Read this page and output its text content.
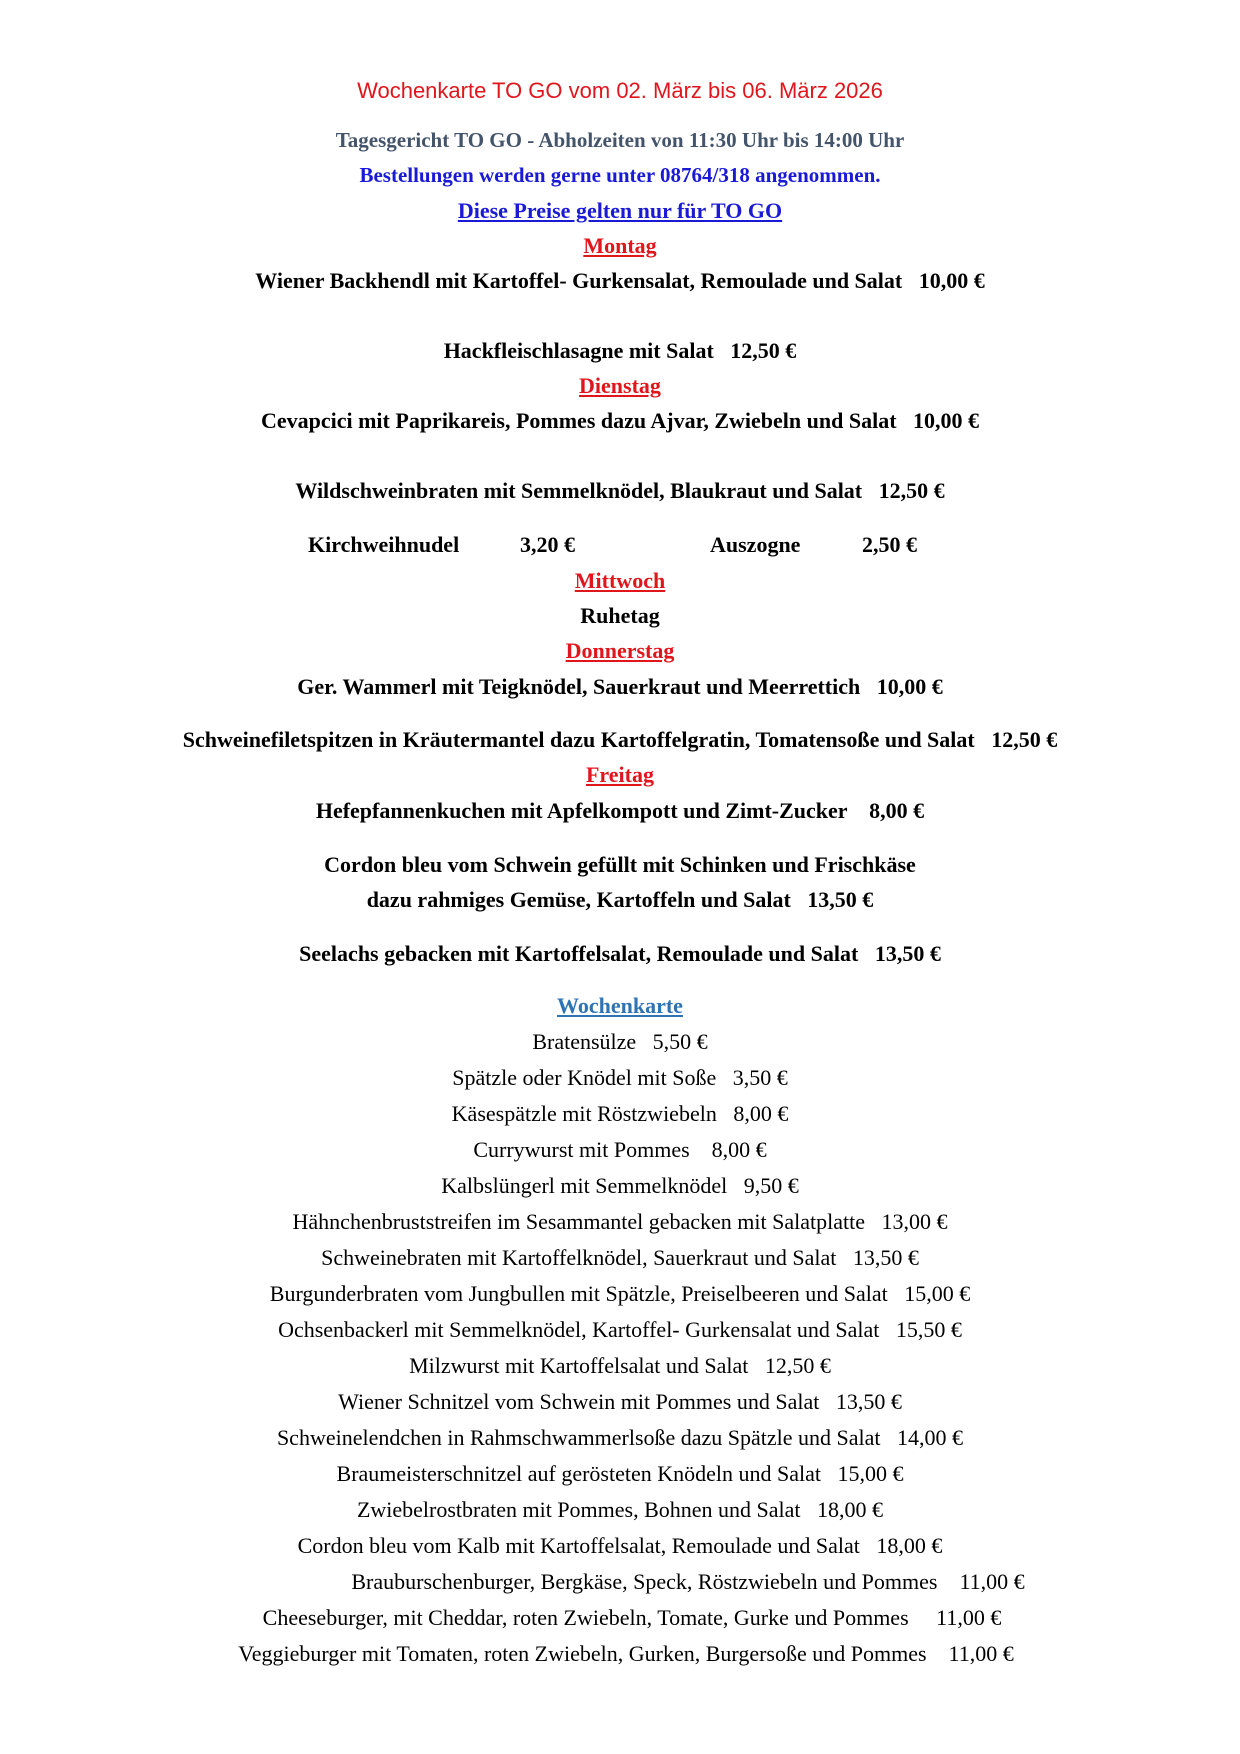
Wochenkarte TO GO vom 02. März bis 06. März 2026
Tagesgericht TO GO - Abholzeiten von 11:30 Uhr bis 14:00 Uhr
Bestellungen werden gerne unter 08764/318 angenommen.
Diese Preise gelten nur für TO GO
Montag
Wiener Backhendl mit Kartoffel- Gurkensalat, Remoulade und Salat   10,00 €
Hackfleischlasagne mit Salat   12,50 €
Dienstag
Cevapcici mit Paprikareis, Pommes dazu Ajvar, Zwiebeln und Salat   10,00 €
Wildschweinbraten mit Semmelknödel, Blaukraut und Salat   12,50 €
Kirchweihnudel	3,20 €	Auszogne	2,50 €
Mittwoch
Ruhetag
Donnerstag
Ger. Wammerl mit Teigknödel, Sauerkraut und Meerrettich   10,00 €
Schweinefiletspitzen in Kräutermantel dazu Kartoffelgratin, Tomatensoße und Salat   12,50 €
Freitag
Hefepfannenkuchen mit Apfelkompott und Zimt-Zucker    8,00 €
Cordon bleu vom Schwein gefüllt mit Schinken und Frischkäse
dazu rahmiges Gemüse, Kartoffeln und Salat   13,50 €
Seelachs gebacken mit Kartoffelsalat, Remoulade und Salat   13,50 €
Wochenkarte
Bratensülze   5,50 €
Spätzle oder Knödel mit Soße   3,50 €
Käsespätzle mit Röstzwiebeln   8,00 €
Currywurst mit Pommes    8,00 €
Kalbslüngerl mit Semmelknödel   9,50 €
Hähnchenbruststreifen im Sesammantel gebacken mit Salatplatte   13,00 €
Schweinebraten mit Kartoffelknödel, Sauerkraut und Salat   13,50 €
Burgunderbraten vom Jungbullen mit Spätzle, Preiselbeeren und Salat   15,00 €
Ochsenbackerl mit Semmelknödel, Kartoffel- Gurkensalat und Salat   15,50 €
Milzwurst mit Kartoffelsalat und Salat   12,50 €
Wiener Schnitzel vom Schwein mit Pommes und Salat   13,50 €
Schweinelendchen in Rahmschwammerlsoße dazu Spätzle und Salat   14,00 €
Braumeisterschnitzel auf gerösteten Knödeln und Salat   15,00 €
Zwiebelrostbraten mit Pommes, Bohnen und Salat   18,00 €
Cordon bleu vom Kalb mit Kartoffelsalat, Remoulade und Salat   18,00 €
Brauburschenburger, Bergkäse, Speck, Röstzwiebeln und Pommes    11,00 €
Cheeseburger, mit Cheddar, roten Zwiebeln, Tomate, Gurke und Pommes     11,00 €
Veggieburger mit Tomaten, roten Zwiebeln, Gurken, Burgersoße und Pommes    11,00 €
